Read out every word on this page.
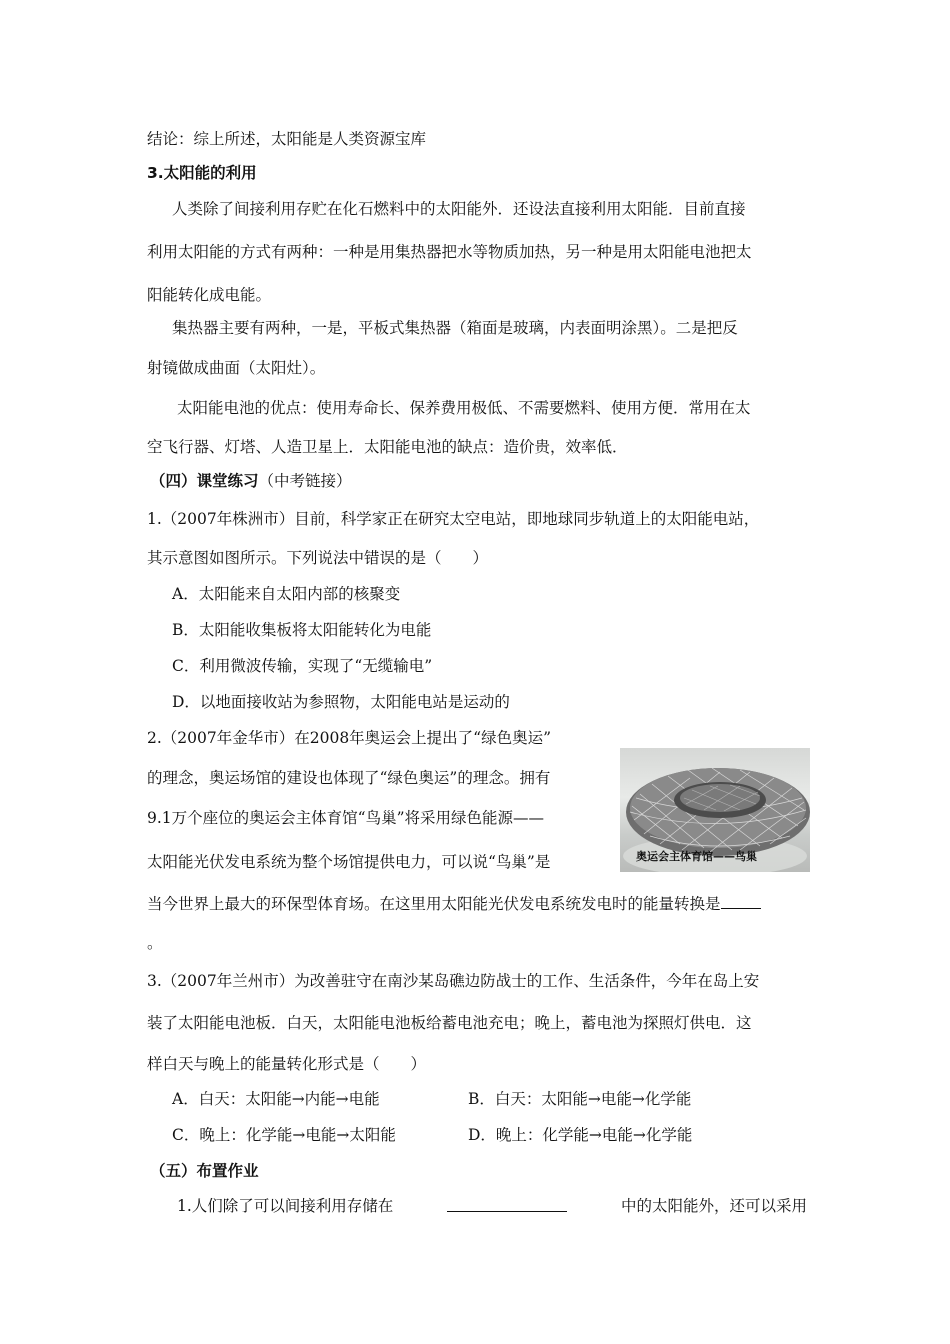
结论：综上所述，太阳能是人类资源宝库
3.太阳能的利用
人类除了间接利用存贮在化石燃料中的太阳能外．还设法直接利用太阳能．目前直接
利用太阳能的方式有两种：一种是用集热器把水等物质加热，另一种是用太阳能电池把太
阳能转化成电能。
集热器主要有两种，一是，平板式集热器（箱面是玻璃，内表面明涂黑）。二是把反
射镜做成曲面（太阳灶）。
太阳能电池的优点：使用寿命长、保养费用极低、不需要燃料、使用方便．常用在太
空飞行器、灯塔、人造卫星上．太阳能电池的缺点：造价贵，效率低．
（四）课堂练习（中考链接）
1.（2007年株洲市）目前，科学家正在研究太空电站，即地球同步轨道上的太阳能电站，
其示意图如图所示。下列说法中错误的是（　　）
A．太阳能来自太阳内部的核聚变
B．太阳能收集板将太阳能转化为电能
C．利用微波传输，实现了“无缆输电”
D．以地面接收站为参照物，太阳能电站是运动的
2.（2007年金华市）在2008年奥运会上提出了“绿色奥运”
的理念，奥运场馆的建设也体现了“绿色奥运”的理念。拥有
9.1万个座位的奥运会主体育馆“鸟巢”将采用绿色能源——
太阳能光伏发电系统为整个场馆提供电力，可以说“鸟巢”是
当今世界上最大的环保型体育场。在这里用太阳能光伏发电系统发电时的能量转换是
。
奥运会主体育馆——鸟巢
3.（2007年兰州市）为改善驻守在南沙某岛礁边防战士的工作、生活条件，今年在岛上安
装了太阳能电池板．白天，太阳能电池板给蓄电池充电；晚上，蓄电池为探照灯供电．这
样白天与晚上的能量转化形式是（　　）
A．白天：太阳能→内能→电能	B．白天：太阳能→电能→化学能
C．晚上：化学能→电能→太阳能	D．晚上：化学能→电能→化学能
（五）布置作业
1.人们除了可以间接利用存储在	中的太阳能外，还可以采用
